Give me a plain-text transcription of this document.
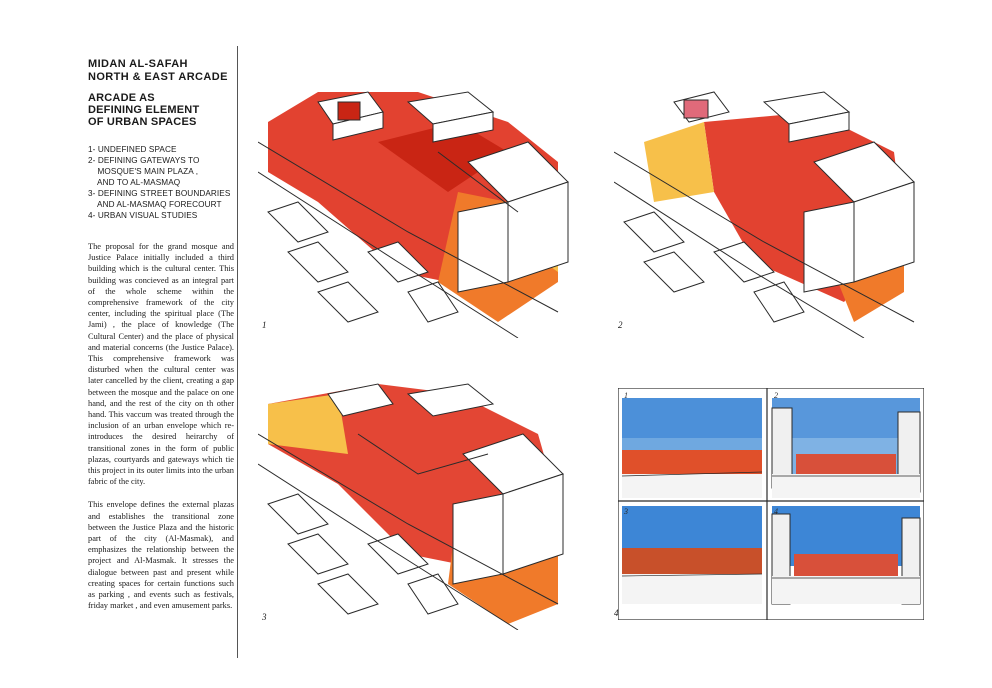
MIDAN AL-SAFAH
NORTH & EAST ARCADE
ARCADE AS
DEFINING ELEMENT
OF URBAN SPACES
1- UNDEFINED SPACE
2- DEFINING GATEWAYS TO
MOSQUE'S MAIN PLAZA ,
AND TO AL-MASMAQ
3- DEFINING STREET BOUNDARIES
AND AL-MASMAQ FORECOURT
4- URBAN VISUAL STUDIES
The proposal for the grand mosque and Justice Palace initially included a third building which is the cultural center. This building was concieved as an integral part of the whole scheme within the comprehensive framework of the city center, including the spiritual place (The Jami) , the place of knowledge (The Cultural Center) and the place of physical and material concerns (the Justice Palace). This comprehensive framework was disturbed when the cultural center was later cancelled by the client, creating a gap between the mosque and the palace on one hand, and the rest of the city on th other hand. This vaccum was treated through the inclusion of an urban envelope which re-introduces the desired heirarchy of transitional zones in the form of public plazas, courtyards and gateways which tie this project in its outer limits into the urban fabric of the city.
This envelope defines the external plazas and establishes the transitional zone between the Justice Plaza and the historic part of the city (Al-Masmak), and emphasizes the relationship between the project and Al-Masmak. It stresses the dialogue between past and present while creating spaces for certain functions such as parking , and events such as festivals, friday market , and even amusement parks.
1	2
3
1	2
3	4
4
